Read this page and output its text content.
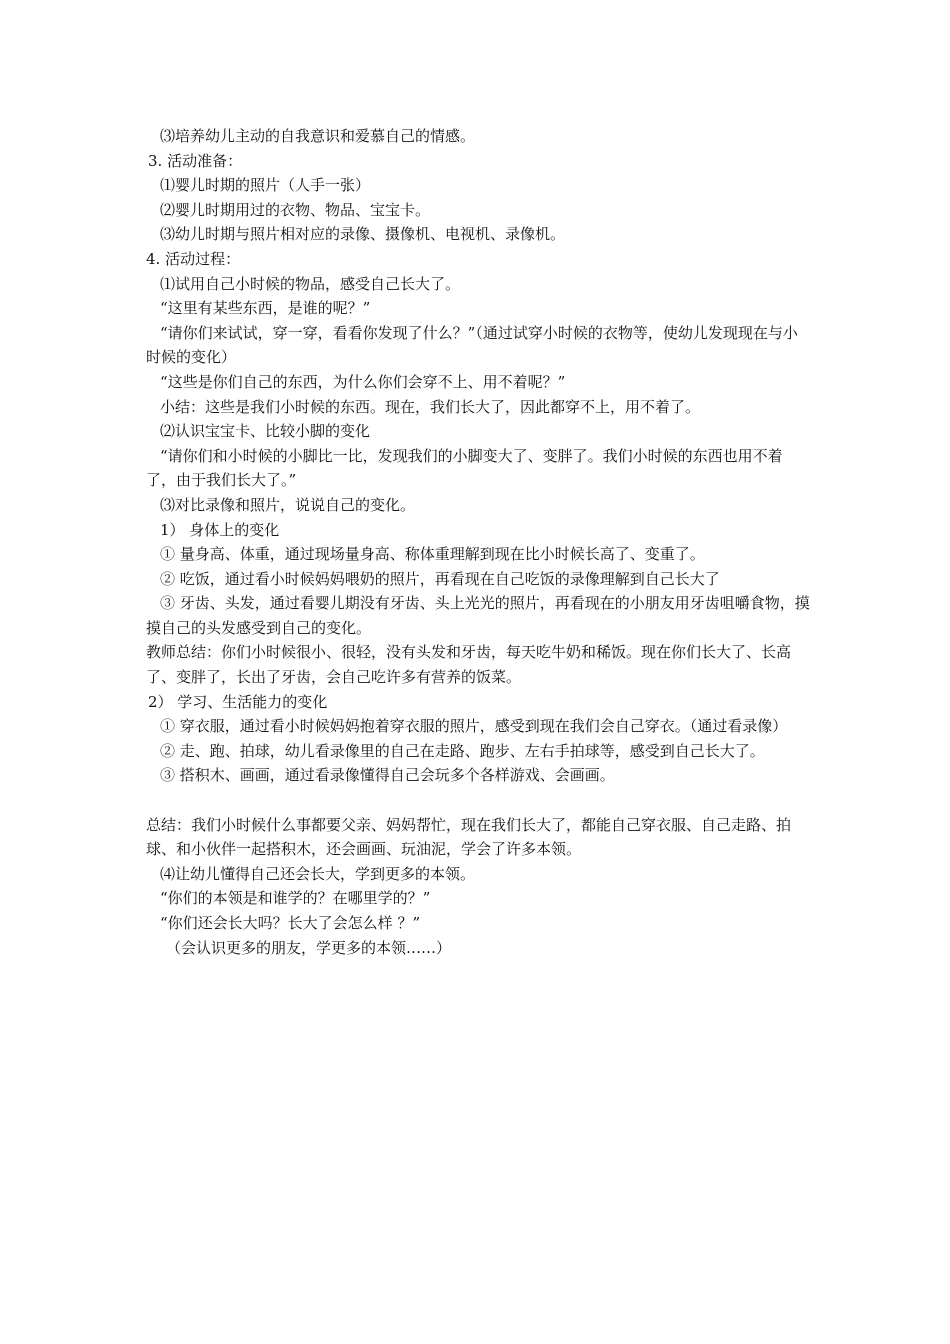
⑶培养幼儿主动的自我意识和爱慕自己的情感。

3. 活动准备：

⑴婴儿时期的照片（人手一张）

⑵婴儿时期用过的衣物、物品、宝宝卡。

⑶幼儿时期与照片相对应的录像、摄像机、电视机、录像机。

4. 活动过程：

⑴试用自己小时候的物品，感受自己长大了。

“这里有某些东西，是谁的呢？”

“请你们来试试，穿一穿，看看你发现了什么？”（通过试穿小时候的衣物等，使幼儿发现现在与小时候的变化）

“这些是你们自己的东西，为什么你们会穿不上、用不着呢？”

小结：这些是我们小时候的东西。现在，我们长大了，因此都穿不上，用不着了。

⑵认识宝宝卡、比较小脚的变化

“请你们和小时候的小脚比一比，发现我们的小脚变大了、变胖了。我们小时候的东西也用不着了，由于我们长大了。”

⑶对比录像和照片，说说自己的变化。

1） 身体上的变化

① 量身高、体重，通过现场量身高、称体重理解到现在比小时候长高了、变重了。

② 吃饭，通过看小时候妈妈喂奶的照片，再看现在自己吃饭的录像理解到自己长大了

③ 牙齿、头发，通过看婴儿期没有牙齿、头上光光的照片，再看现在的小朋友用牙齿咀嚼食物，摸摸自己的头发感受到自己的变化。

教师总结：你们小时候很小、很轻，没有头发和牙齿，每天吃牛奶和稀饭。现在你们长大了、长高了、变胖了，长出了牙齿，会自己吃许多有营养的饭菜。

2） 学习、生活能力的变化

① 穿衣服，通过看小时候妈妈抱着穿衣服的照片，感受到现在我们会自己穿衣。（通过看录像）

② 走、跑、拍球，幼儿看录像里的自己在走路、跑步、左右手拍球等，感受到自己长大了。

③ 搭积木、画画，通过看录像懂得自己会玩多个各样游戏、会画画。

总结：我们小时候什么事都要父亲、妈妈帮忙，现在我们长大了，都能自己穿衣服、自己走路、拍球、和小伙伴一起搭积木，还会画画、玩油泥，学会了许多本领。

⑷让幼儿懂得自己还会长大，学到更多的本领。

“你们的本领是和谁学的？在哪里学的？”

“你们还会长大吗？长大了会怎么样 ？”

（会认识更多的朋友，学更多的本领……）
